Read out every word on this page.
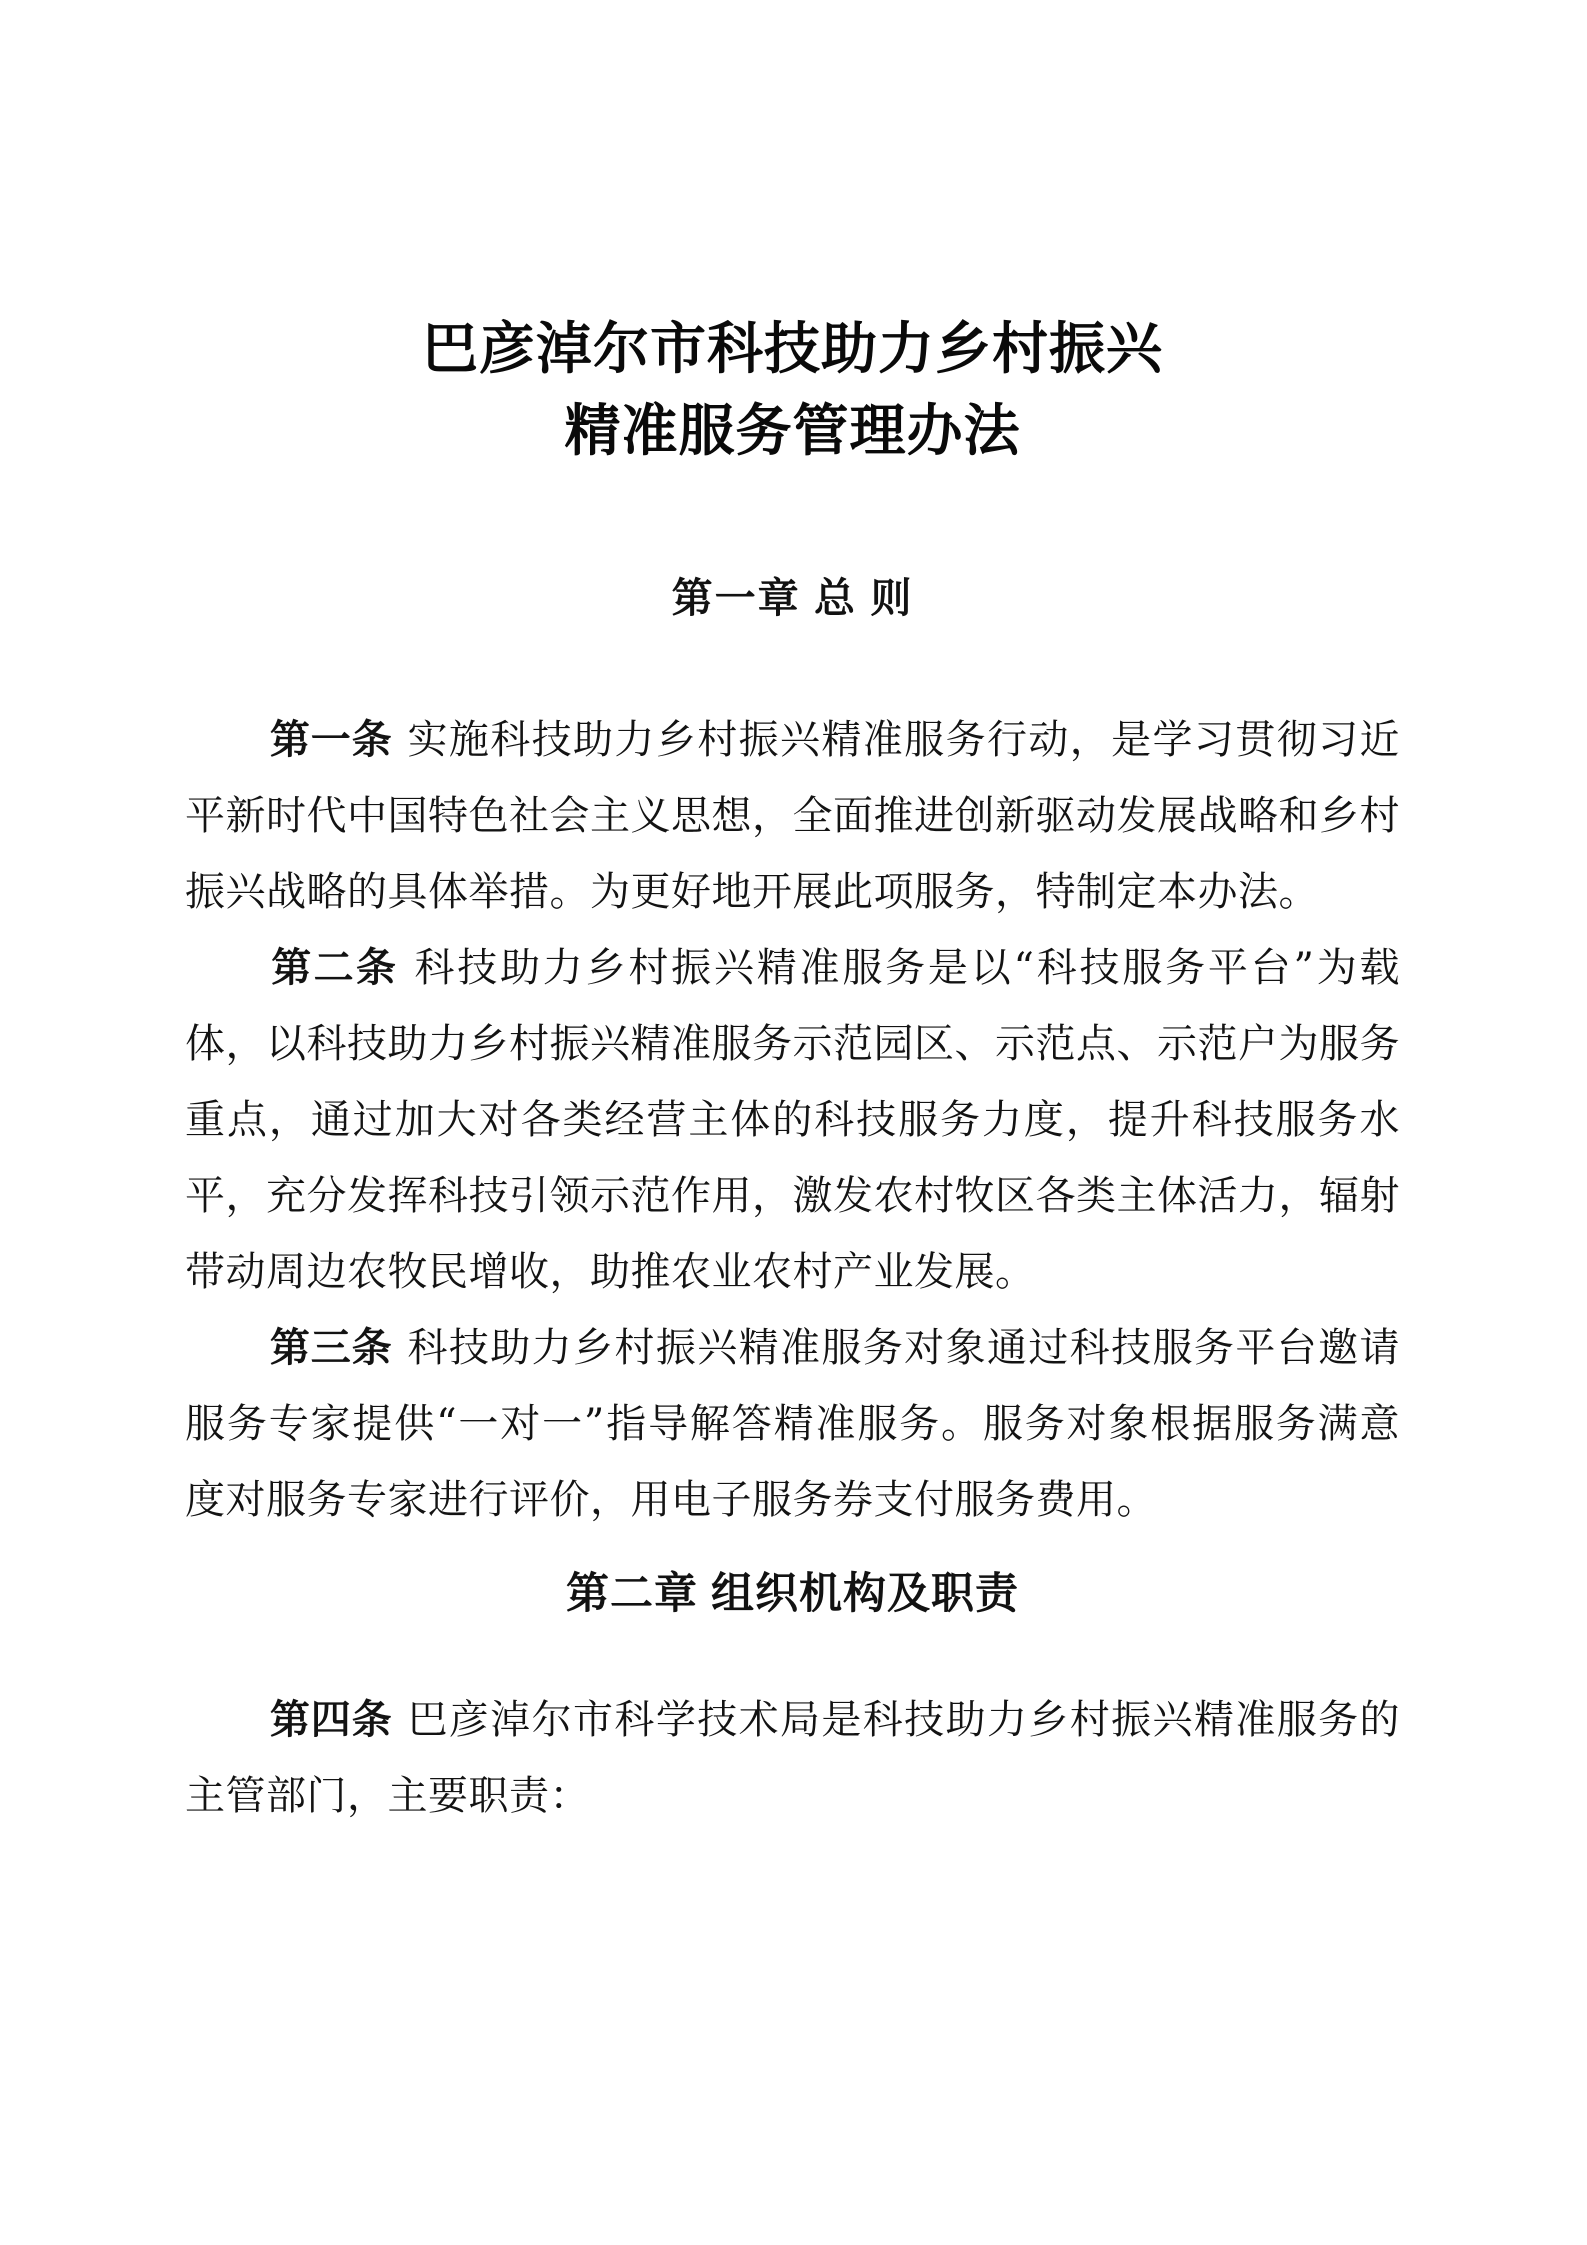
巴彦淖尔市科技助力乡村振兴
精准服务管理办法
第一章 总 则

第一条 实施科技助力乡村振兴精准服务行动，是学习贯彻习近平新时代中国特色社会主义思想，全面推进创新驱动发展战略和乡村振兴战略的具体举措。为更好地开展此项服务，特制定本办法。

第二条 科技助力乡村振兴精准服务是以“科技服务平台”为载体，以科技助力乡村振兴精准服务示范园区、示范点、示范户为服务重点，通过加大对各类经营主体的科技服务力度，提升科技服务水平，充分发挥科技引领示范作用，激发农村牧区各类主体活力，辐射带动周边农牧民增收，助推农业农村产业发展。

第三条 科技助力乡村振兴精准服务对象通过科技服务平台邀请服务专家提供“一对一”指导解答精准服务。服务对象根据服务满意度对服务专家进行评价，用电子服务券支付服务费用。

第二章 组织机构及职责

第四条 巴彦淖尔市科学技术局是科技助力乡村振兴精准服务的主管部门，主要职责：
